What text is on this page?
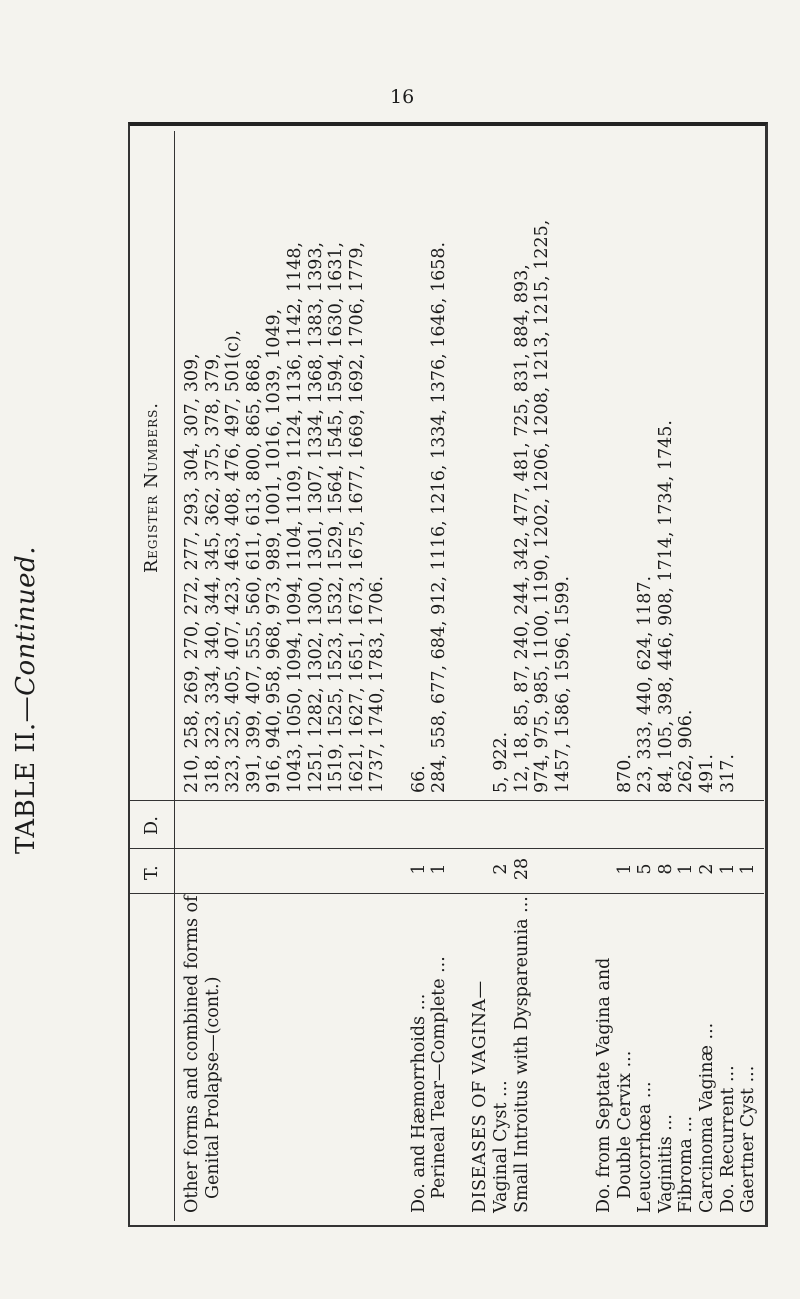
16
TABLE II.—Continued.
T.
D.
Register Numbers.
Other forms and combined forms of
210, 258, 269, 270, 272, 277, 293, 304, 307, 309,
Genital Prolapse—(cont.)
318, 323, 334, 340, 344, 345, 362, 375, 378, 379, 323, 325, 405, 407, 423, 463, 408, 476, 497, 501(c), 391, 399, 407, 555, 560, 611, 613, 800, 865, 868, 916, 940, 958, 968, 973, 989, 1001, 1016, 1039, 1049, 1043, 1050, 1094, 1094, 1104, 1109, 1124, 1136, 1142, 1148, 1251, 1282, 1302, 1300, 1301, 1307, 1334, 1368, 1383, 1393, 1519, 1525, 1523, 1532, 1529, 1564, 1545, 1594, 1630, 1631, 1621, 1627, 1651, 1673, 1675, 1677, 1669, 1692, 1706, 1779, 1737, 1740, 1783, 1706.
Do. and Hæmorrhoids ...
1
66.
Perineal Tear—Complete ...
1
284, 558, 677, 684, 912, 1116, 1216, 1334, 1376, 1646, 1658.
DISEASES OF VAGINA— Vaginal Cyst ...
2
5, 922.
Small Introitus with Dyspareunia ...
28
12, 18, 85, 87, 240, 244, 342, 477, 481, 725, 831, 884, 893, 974, 975, 985, 1100, 1190, 1202, 1206, 1208, 1213, 1215, 1225, 1457, 1586, 1596, 1599.
Do. from Septate Vagina and Double Cervix ...
1
870.
Leucorrhœa ...
5
23, 333, 440, 624, 1187.
Vaginitis ...
8
84, 105, 398, 446, 908, 1714, 1734, 1745.
Fibroma ...
1
262, 906.
Carcinoma Vaginæ ...
2
491.
Do. Recurrent ...
1
317.
Gaertner Cyst ...
1
